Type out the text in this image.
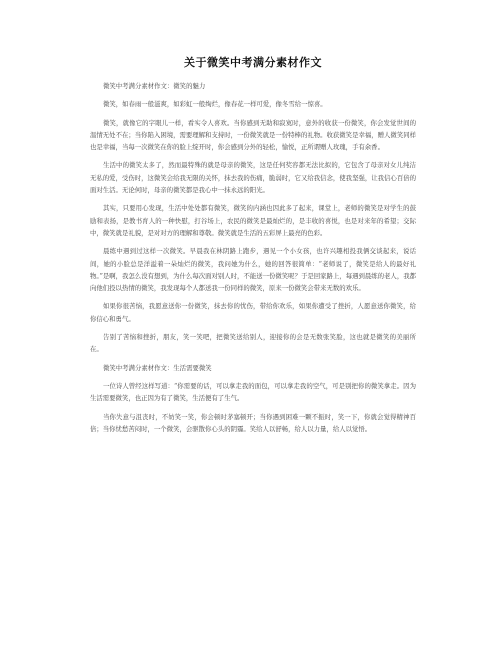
关于微笑中考满分素材作文

微笑中考满分素材作文：微笑的魅力

微笑，如春雨一般滋爽，如彩虹一般绚烂，像春花一样可爱，像冬雪给一惊喜。

微笑，就像它的字眼儿一样，看实令人喜欢。当你感到无助和寂寞时，意外的收获一份微笑，你会发觉世间的温情无处不在；当你陷入困境，需要理解和支持时，一份微笑就是一份特棒的礼物。收获微笑是幸福，赠人微笑同样也是幸福，当每一次微笑在你的脸上绽开时，你会感到分外的轻松，愉悦，正所谓赠人玫瑰，手有余香。

生活中的微笑太多了，然而最特殊的就是母亲的微笑，这是任何奖容都无法比拟的，它包含了母亲对女儿纯洁无私的爱，受伤时，这微笑会给我无限的关怀，抹去我的伤痛，脆弱时，它又给我信念，使我坚强，让我信心百倍的面对生活。无论何时，母亲的微笑都是我心中一抹永远的阳光。

其实，只要用心发现，生活中处处都有微笑，微笑的内涵也因此多了起来，课堂上，老师的微笑是对学生的鼓励和表扬，是教书育人的一种快慰，打谷场上，农民的微笑是最灿烂的，是丰收的喜悦，也是对来年的希望；交际中，微笑就是礼貌，是对对方的理解和尊敬。微笑就是生活的五彩屏上最亮的色彩。

晨练中遇到过这样一次微笑。早晨我在林阴路上跑步，遇见一个小女孩，也许兴趣相投我俩交谈起来，说话间，她的小脸总是洋溢着一朵灿烂的微笑，我问她为什么，她的回答很简单：“老师说了，微笑是给人的最好礼物。”是啊，我怎么没有想到，为什么每次面对别人时，不能送一份微笑呢？于是回家路上，每遇到晨练的老人，我都向他们投以热情的微笑，我发现每个人都送我一份同样的微笑，原来一份微笑会带来无数的欢乐。

如果你很苦恼，我愿意送你一份微笑，抹去你的忧伤，带给你欢乐，如果你遭受了挫折，人愿意送你微笑，给你信心和勇气。

告别了苦恼和挫折，朋友，笑一笑吧，把微笑送给别人，迎接你的会是无数张笑脸，这也就是微笑的美丽所在。

微笑中考满分素材作文：生活需要微笑

一位诗人曾经这样写道：“你需要的话，可以拿走我的面包，可以拿走我的空气，可是别把你的微笑拿走。因为生活需要微笑，也正因为有了微笑，生活便有了生气。

当你失意与沮丧时，不妨笑一笑，你会顿时茅塞顿开；当你遇到困难一颗不振时，笑一下，你就会觉得精神百倍；当你忧愁苦闷时，一个微笑，会驱散你心头的阴霾。笑给人以舒畅，给人以力量，给人以觉悟。
